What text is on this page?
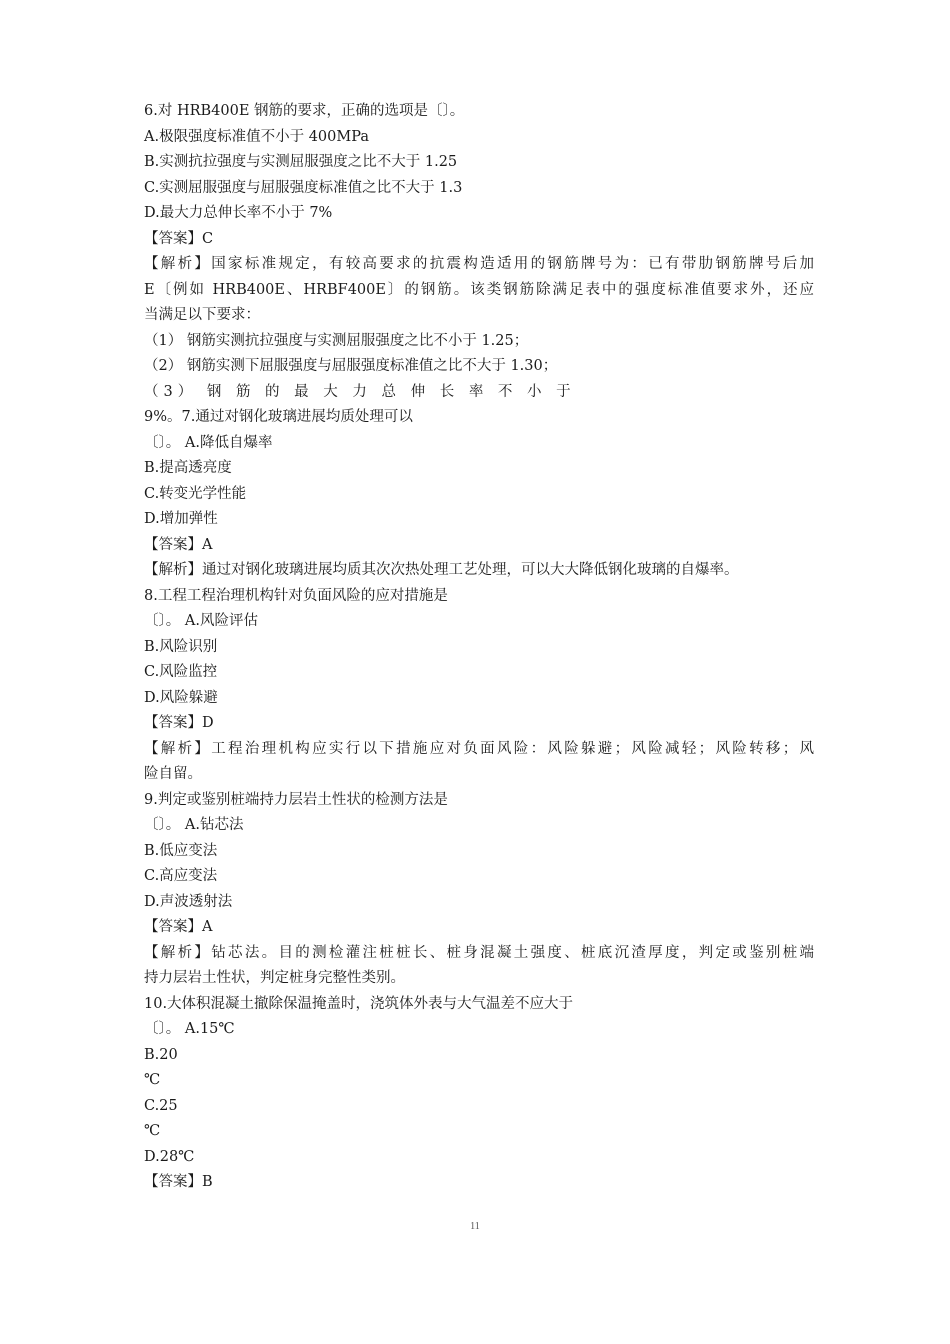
6.对 HRB400E 钢筋的要求，正确的选项是〔〕。
A.极限强度标准值不小于 400MPa
B.实测抗拉强度与实测屈服强度之比不大于 1.25
C.实测屈服强度与屈服强度标准值之比不大于 1.3
D.最大力总伸长率不小于 7%
【答案】C
【解析】国家标准规定，有较高要求的抗震构造适用的钢筋牌号为：已有带肋钢筋牌号后加
E〔例如 HRB400E、HRBF400E〕的钢筋。该类钢筋除满足表中的强度标准值要求外，还应
当满足以下要求：
（1） 钢筋实测抗拉强度与实测屈服强度之比不小于 1.25；
（2） 钢筋实测下屈服强度与屈服强度标准值之比不大于 1.30；
（3） 钢 筋 的 最 大 力 总 伸 长 率 不 小 于
9%。7.通过对钢化玻璃进展均质处理可以
〔〕。 A.降低自爆率
B.提高透亮度
C.转变光学性能
D.增加弹性
【答案】A
【解析】通过对钢化玻璃进展均质其次次热处理工艺处理，可以大大降低钢化玻璃的自爆率。
8.工程工程治理机构针对负面风险的应对措施是
〔〕。 A.风险评估
B.风险识别
C.风险监控
D.风险躲避
【答案】D
【解析】工程治理机构应实行以下措施应对负面风险：风险躲避；风险减轻；风险转移；风
险自留。
9.判定或鉴别桩端持力层岩土性状的检测方法是
〔〕。 A.钻芯法
B.低应变法
C.高应变法
D.声波透射法
【答案】A
【解析】钻芯法。目的测检灌注桩桩长、桩身混凝土强度、桩底沉渣厚度，判定或鉴别桩端
持力层岩土性状，判定桩身完整性类别。
10.大体积混凝土撤除保温掩盖时，浇筑体外表与大气温差不应大于
〔〕。 A.15℃
B.20
℃
C.25
℃
D.28℃
【答案】B
11
